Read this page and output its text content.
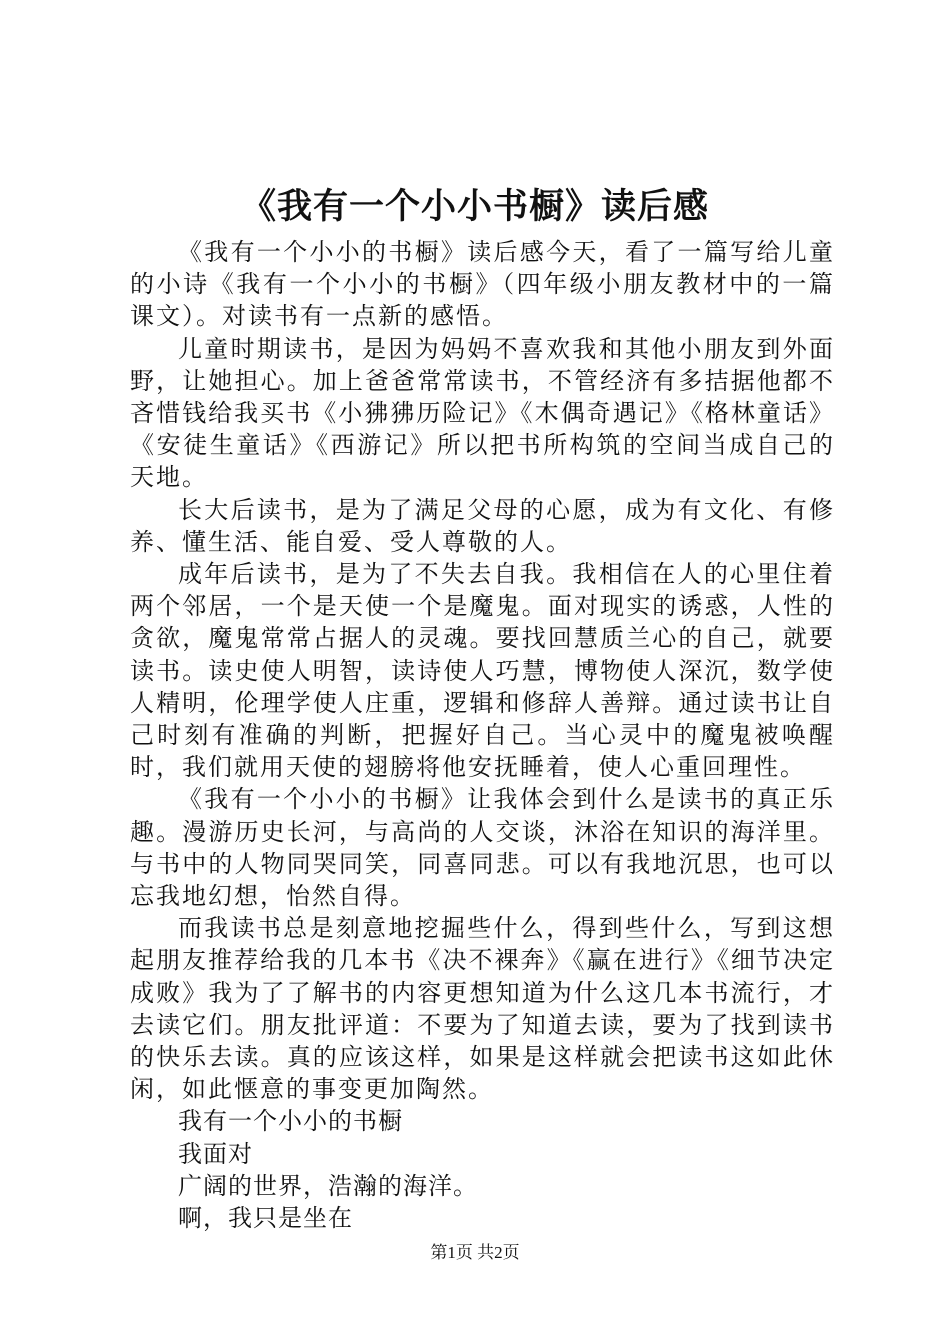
《我有一个小小书橱》读后感

《我有一个小小的书橱》读后感今天，看了一篇写给儿童的小诗《我有一个小小的书橱》（四年级小朋友教材中的一篇课文）。对读书有一点新的感悟。

儿童时期读书，是因为妈妈不喜欢我和其他小朋友到外面野，让她担心。加上爸爸常常读书，不管经济有多拮据他都不吝惜钱给我买书《小狒狒历险记》《木偶奇遇记》《格林童话》《安徒生童话》《西游记》所以把书所构筑的空间当成自己的天地。

长大后读书，是为了满足父母的心愿，成为有文化、有修养、懂生活、能自爱、受人尊敬的人。

成年后读书，是为了不失去自我。我相信在人的心里住着两个邻居，一个是天使一个是魔鬼。面对现实的诱惑，人性的贪欲，魔鬼常常占据人的灵魂。要找回慧质兰心的自己，就要读书。读史使人明智，读诗使人巧慧，博物使人深沉，数学使人精明，伦理学使人庄重，逻辑和修辞人善辩。通过读书让自己时刻有准确的判断，把握好自己。当心灵中的魔鬼被唤醒时，我们就用天使的翅膀将他安抚睡着，使人心重回理性。

《我有一个小小的书橱》让我体会到什么是读书的真正乐趣。漫游历史长河，与高尚的人交谈，沐浴在知识的海洋里。与书中的人物同哭同笑，同喜同悲。可以有我地沉思，也可以忘我地幻想，怡然自得。

而我读书总是刻意地挖掘些什么，得到些什么，写到这想起朋友推荐给我的几本书《决不裸奔》《赢在进行》《细节决定成败》我为了了解书的内容更想知道为什么这几本书流行，才去读它们。朋友批评道：不要为了知道去读，要为了找到读书的快乐去读。真的应该这样，如果是这样就会把读书这如此休闲，如此惬意的事变更加陶然。

我有一个小小的书橱

我面对

广阔的世界，浩瀚的海洋。

啊，我只是坐在

第1页 共2页
